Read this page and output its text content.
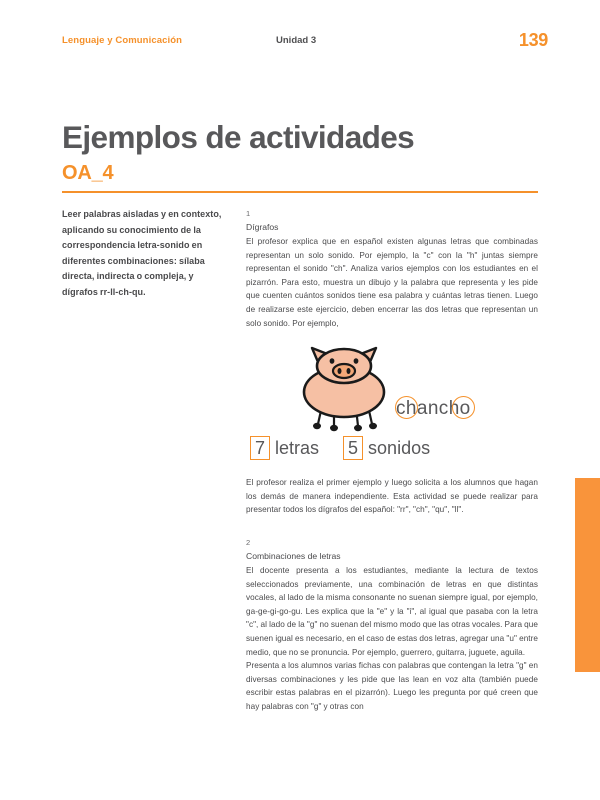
Lenguaje y Comunicación	Unidad 3	139
Ejemplos de actividades
OA_4
Leer palabras aisladas y en contexto, aplicando su conocimiento de la correspondencia letra-sonido en diferentes combinaciones: sílaba directa, indirecta o compleja, y dígrafos rr-ll-ch-qu.

1

Dígrafos

El profesor explica que en español existen algunas letras que combinadas representan un solo sonido. Por ejemplo, la "c" con la "h" juntas siempre representan el sonido "ch". Analiza varios ejemplos con los estudiantes en el pizarrón. Para esto, muestra un dibujo y la palabra que representa y les pide que cuenten cuántos sonidos tiene esa palabra y cuántas letras tienen. Luego de realizarse este ejercicio, deben encerrar las dos letras que representan un solo sonido. Por ejemplo,

chancho
7 letras 5 sonidos

El profesor realiza el primer ejemplo y luego solicita a los alumnos que hagan los demás de manera independiente. Esta actividad se puede realizar para presentar todos los dígrafos del español: "rr", "ch", "qu", "ll".

2

Combinaciones de letras

El docente presenta a los estudiantes, mediante la lectura de textos seleccionados previamente, una combinación de letras en que distintas vocales, al lado de la misma consonante no suenan siempre igual, por ejemplo, ga-ge-gi-go-gu. Les explica que la "e" y la "i", al igual que pasaba con la letra "c", al lado de la "g" no suenan del mismo modo que las otras vocales. Para que suenen igual es necesario, en el caso de estas dos letras, agregar una "u" entre medio, que no se pronuncia. Por ejemplo, guerrero, guitarra, juguete, aguila.

Presenta a los alumnos varias fichas con palabras que contengan la letra "g" en diversas combinaciones y les pide que las lean en voz alta (también puede escribir estas palabras en el pizarrón). Luego les pregunta por qué creen que hay palabras con "g" y otras con
